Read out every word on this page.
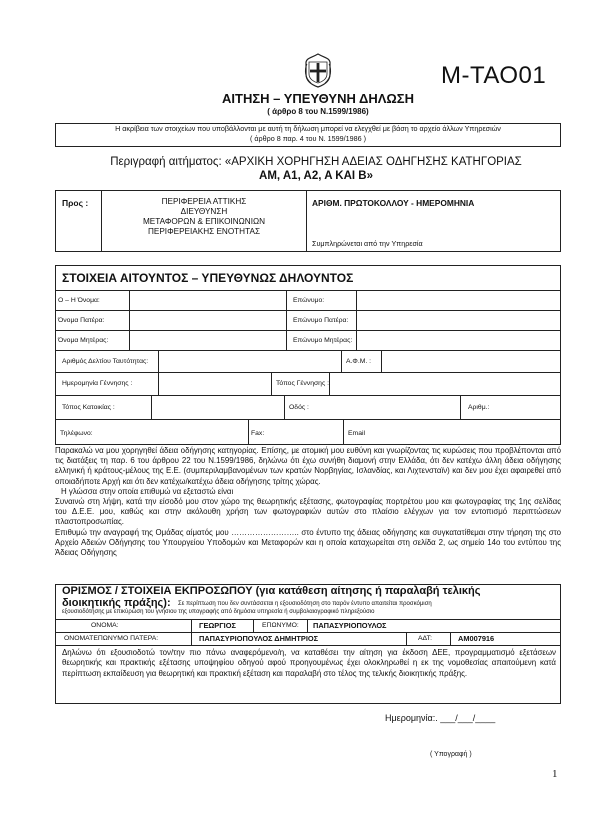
Μ-ΤΑΟ01
ΑΙΤΗΣΗ – ΥΠΕΥΘΥΝΗ ΔΗΛΩΣΗ
( άρθρο 8 του Ν.1599/1986)
Η ακρίβεια των στοιχείων που υποβάλλονται με αυτή τη δήλωση μπορεί να ελεγχθεί με βάση το αρχείο άλλων Υπηρεσιών
( άρθρο 8 παρ. 4 του Ν. 1599/1986 )
Περιγραφή αιτήματος: «ΑΡΧΙΚΗ ΧΟΡΗΓΗΣΗ ΑΔΕΙΑΣ ΟΔΗΓΗΣΗΣ ΚΑΤΗΓΟΡΙΑΣ
AM, A1, A2, A KAI B»
Προς :	ΠΕΡΙΦΕΡΕΙΑ ΑΤΤΙΚΗΣ
ΔΙΕΥΘΥΝΣΗ
ΜΕΤΑΦΟΡΩΝ & ΕΠΙΚΟΙΝΩΝΙΩΝ
ΠΕΡΙΦΕΡΕΙΑΚΗΣ ΕΝΟΤΗΤΑΣ
ΑΡΙΘΜ. ΠΡΩΤΟΚΟΛΛΟΥ - ΗΜΕΡΟΜΗΝΙΑ
Συμπληρώνεται από την Υπηρεσία
ΣΤΟΙΧΕΙΑ ΑΙΤΟΥΝΤΟΣ – ΥΠΕΥΘΥΝΩΣ ΔΗΛΟΥΝΤΟΣ
Ο – Η Όνομα:	Επώνυμο:
Όνομα Πατέρα:	Επώνυμο Πατέρα:
Όνομα Μητέρας:	Επώνυμο Μητέρας:
Αριθμός Δελτίου Ταυτότητας:	Α.Φ.Μ. :
Ημερομηνία Γέννησης :	Τόπος Γέννησης :
Τόπος Κατοικίας :	Οδός :	Αριθμ.:
Τηλέφωνο:	Fax:	Email

Παρακαλώ να μου χορηγηθεί άδεια οδήγησης κατηγορίας. Επίσης, με ατομική μου ευθύνη και γνωρίζοντας τις κυρώσεις που προβλέπονται από τις διατάξεις τη παρ. 6 του άρθρου 22 του Ν.1599/1986, δηλώνω ότι έχω συνήθη διαμονή στην Ελλάδα, ότι δεν κατέχω άλλη άδεια οδήγησης ελληνική ή κράτους-μέλους της Ε.Ε. (συμπεριλαμβανομένων των κρατών Νορβηγίας, Ισλανδίας, και Λιχτενσταϊν) και δεν μου έχει αφαιρεθεί από οποιαδήποτε Αρχή και ότι δεν κατέχω/κατέχω άδεια οδήγησης τρίτης χώρας.

Η γλώσσα στην οποία επιθυμώ να εξεταστώ είναι

Συναινώ στη λήψη, κατά την είσοδό μου στον χώρο της θεωρητικής εξέτασης, φωτογραφίας πορτρέτου μου και φωτογραφίας της 1ης σελίδας του Δ.Ε.Ε. μου, καθώς και στην ακόλουθη χρήση των φωτογραφιών αυτών στο πλαίσιο ελέγχων για τον εντοπισμό περιπτώσεων πλαστοπροσωπίας.

Επιθυμώ την αναγραφή της Ομάδας αίματός μου …………………….. στο έντυπο της άδειας οδήγησης και συγκατατίθεμαι στην τήρηση της στο Αρχείο Αδειών Οδήγησης του Υπουργείου Υποδομών και Μεταφορών και η οποία καταχωρείται στη σελίδα 2, ως σημείο 14ο του εντύπου της Άδειας Οδήγησης

ΟΡΙΣΜΟΣ / ΣΤΟΙΧΕΙΑ ΕΚΠΡΟΣΩΠΟΥ (για κατάθεση αίτησης ή παραλαβή τελικής
διοικητικής πράξης): Σε περίπτωση που δεν συντάσσεται η εξουσιοδότηση στο παρόν έντυπο απαιτείται προσκόμιση
εξουσιοδότησης με επικύρωση του γνήσιου της υπογραφής από δημόσια υπηρεσία ή συμβολαιογραφικό πληρεξούσιο
ΟΝΟΜΑ:	ΓΕΩΡΓΙΟΣ	ΕΠΩΝΥΜΟ: ΠΑΠΑΣΥΡΙΟΠΟΥΛΟΣ
ΟΝΟΜΑΤΕΠΩΝΥΜΟ ΠΑΤΕΡΑ:	ΠΑΠΑΣΥΡΙΟΠΟΥΛΟΣ ΔΗΜΗΤΡΙΟΣ	ΑΔΤ:	ΑΜ007916
Δηλώνω ότι εξουσιοδοτώ τον/την πιο πάνω αναφερόμενο/η, να καταθέσει την αίτηση για έκδοση ΔΕΕ, προγραμματισμό εξετάσεων θεωρητικής και πρακτικής εξέτασης υποψηφίου οδηγού αφού προηγουμένως έχει ολοκληρωθεί η εκ της νομοθεσίας απαιτούμενη κατά περίπτωση εκπαίδευση για θεωρητική και πρακτική εξέταση και παραλαβή στο τέλος της τελικής διοικητικής πράξης.
Ημερομηνία:. ___/___/____
( Υπογραφή )
1
